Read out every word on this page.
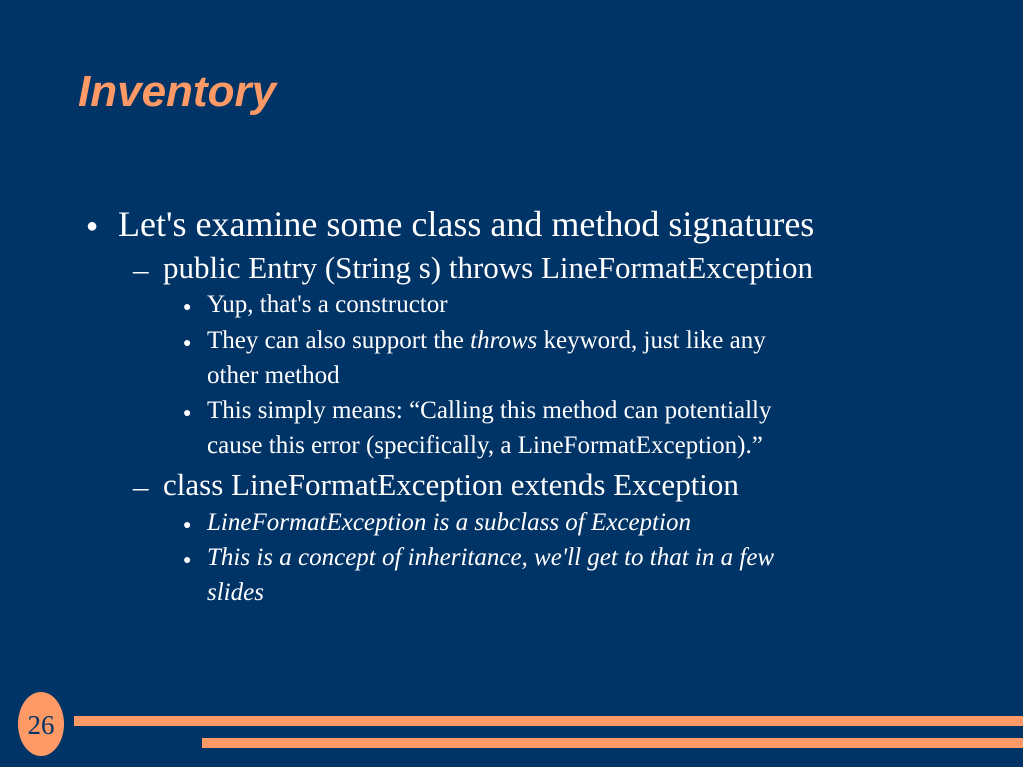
Inventory
● Let's examine some class and method signatures
– public Entry (String s) throws LineFormatException
● Yup, that's a constructor
● They can also support the throws keyword, just like any
other method
● This simply means: “Calling this method can potentially
cause this error (specifically, a LineFormatException).”
– class LineFormatException extends Exception
● LineFormatException is a subclass of Exception
● This is a concept of inheritance, we'll get to that in a few
slides
26
